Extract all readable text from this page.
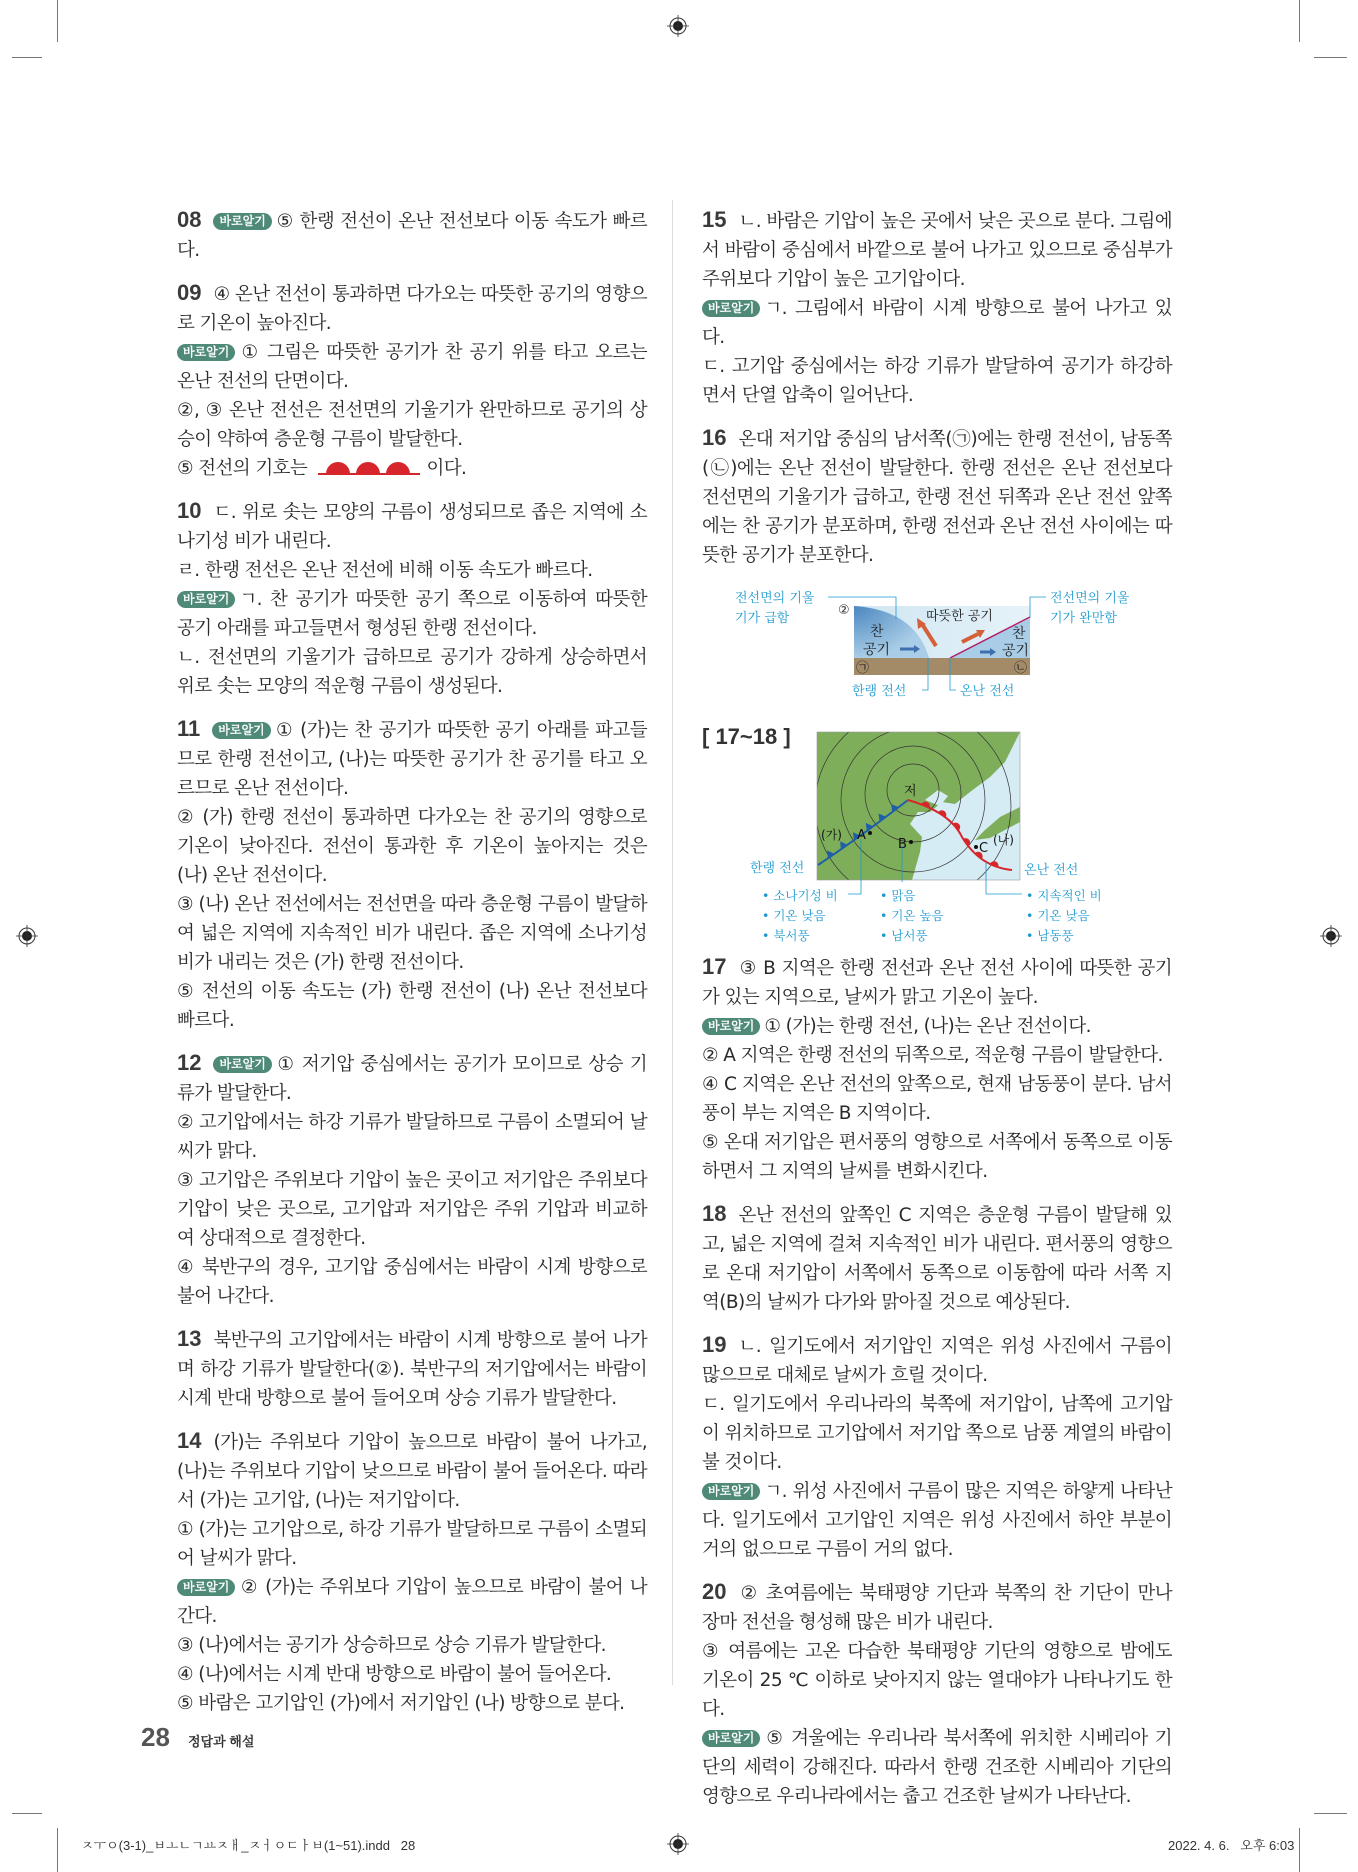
08 바로알기 ⑤ 한랭 전선이 온난 전선보다 이동 속도가 빠르다.

09 ④ 온난 전선이 통과하면 다가오는 따뜻한 공기의 영향으로 기온이 높아진다.

바로알기 ① 그림은 따뜻한 공기가 찬 공기 위를 타고 오르는 온난 전선의 단면이다.

②, ③ 온난 전선은 전선면의 기울기가 완만하므로 공기의 상승이 약하여 층운형 구름이 발달한다.

⑤ 전선의 기호는	이다.

10 ㄷ. 위로 솟는 모양의 구름이 생성되므로 좁은 지역에 소나기성 비가 내린다.

ㄹ. 한랭 전선은 온난 전선에 비해 이동 속도가 빠르다.

바로알기 ㄱ. 찬 공기가 따뜻한 공기 쪽으로 이동하여 따뜻한 공기 아래를 파고들면서 형성된 한랭 전선이다.

ㄴ. 전선면의 기울기가 급하므로 공기가 강하게 상승하면서 위로 솟는 모양의 적운형 구름이 생성된다.

11 바로알기 ① (가)는 찬 공기가 따뜻한 공기 아래를 파고들므로 한랭 전선이고, (나)는 따뜻한 공기가 찬 공기를 타고 오르므로 온난 전선이다.

② (가) 한랭 전선이 통과하면 다가오는 찬 공기의 영향으로 기온이 낮아진다. 전선이 통과한 후 기온이 높아지는 것은 (나) 온난 전선이다.

③ (나) 온난 전선에서는 전선면을 따라 층운형 구름이 발달하여 넓은 지역에 지속적인 비가 내린다. 좁은 지역에 소나기성 비가 내리는 것은 (가) 한랭 전선이다.

⑤ 전선의 이동 속도는 (가) 한랭 전선이 (나) 온난 전선보다 빠르다.

12 바로알기 ① 저기압 중심에서는 공기가 모이므로 상승 기류가 발달한다.

② 고기압에서는 하강 기류가 발달하므로 구름이 소멸되어 날씨가 맑다.

③ 고기압은 주위보다 기압이 높은 곳이고 저기압은 주위보다 기압이 낮은 곳으로, 고기압과 저기압은 주위 기압과 비교하여 상대적으로 결정한다.

④ 북반구의 경우, 고기압 중심에서는 바람이 시계 방향으로 불어 나간다.

13 북반구의 고기압에서는 바람이 시계 방향으로 불어 나가며 하강 기류가 발달한다(②). 북반구의 저기압에서는 바람이 시계 반대 방향으로 불어 들어오며 상승 기류가 발달한다.

14 (가)는 주위보다 기압이 높으므로 바람이 불어 나가고, (나)는 주위보다 기압이 낮으므로 바람이 불어 들어온다. 따라서 (가)는 고기압, (나)는 저기압이다.

① (가)는 고기압으로, 하강 기류가 발달하므로 구름이 소멸되어 날씨가 맑다.

바로알기 ② (가)는 주위보다 기압이 높으므로 바람이 불어 나간다.

③ (나)에서는 공기가 상승하므로 상승 기류가 발달한다.

④ (나)에서는 시계 반대 방향으로 바람이 불어 들어온다.

⑤ 바람은 고기압인 (가)에서 저기압인 (나) 방향으로 분다.

15 ㄴ. 바람은 기압이 높은 곳에서 낮은 곳으로 분다. 그림에서 바람이 중심에서 바깥으로 불어 나가고 있으므로 중심부가 주위보다 기압이 높은 고기압이다.

바로알기 ㄱ. 그림에서 바람이 시계 방향으로 불어 나가고 있다.

ㄷ. 고기압 중심에서는 하강 기류가 발달하여 공기가 하강하면서 단열 압축이 일어난다.

16 온대 저기압 중심의 남서쪽(㉠)에는 한랭 전선이, 남동쪽(㉡)에는 온난 전선이 발달한다. 한랭 전선은 온난 전선보다 전선면의 기울기가 급하고, 한랭 전선 뒤쪽과 온난 전선 앞쪽에는 찬 공기가 분포하며, 한랭 전선과 온난 전선 사이에는 따뜻한 공기가 분포한다.

전선면의 기울
기가 급함
전선면의 기울
기가 완만함
②	따뜻한 공기
찬
공기
찬
공기
㉠	㉡
한랭 전선	온난 전선
[ 17~18 ]
저
(가) A
B	C
(나)
한랭 전선	온난 전선
• 소나기성 비
• 기온 낮음
• 북서풍
• 맑음
• 기온 높음
• 남서풍
• 지속적인 비
• 기온 낮음
• 남동풍

17 ③ B 지역은 한랭 전선과 온난 전선 사이에 따뜻한 공기가 있는 지역으로, 날씨가 맑고 기온이 높다.

바로알기 ① (가)는 한랭 전선, (나)는 온난 전선이다.

② A 지역은 한랭 전선의 뒤쪽으로, 적운형 구름이 발달한다.

④ C 지역은 온난 전선의 앞쪽으로, 현재 남동풍이 분다. 남서풍이 부는 지역은 B 지역이다.

⑤ 온대 저기압은 편서풍의 영향으로 서쪽에서 동쪽으로 이동하면서 그 지역의 날씨를 변화시킨다.

18 온난 전선의 앞쪽인 C 지역은 층운형 구름이 발달해 있고, 넓은 지역에 걸쳐 지속적인 비가 내린다. 편서풍의 영향으로 온대 저기압이 서쪽에서 동쪽으로 이동함에 따라 서쪽 지역(B)의 날씨가 다가와 맑아질 것으로 예상된다.

19 ㄴ. 일기도에서 저기압인 지역은 위성 사진에서 구름이 많으므로 대체로 날씨가 흐릴 것이다.

ㄷ. 일기도에서 우리나라의 북쪽에 저기압이, 남쪽에 고기압이 위치하므로 고기압에서 저기압 쪽으로 남풍 계열의 바람이 불 것이다.

바로알기 ㄱ. 위성 사진에서 구름이 많은 지역은 하얗게 나타난다. 일기도에서 고기압인 지역은 위성 사진에서 하얀 부분이 거의 없으므로 구름이 거의 없다.

20 ② 초여름에는 북태평양 기단과 북쪽의 찬 기단이 만나 장마 전선을 형성해 많은 비가 내린다.

③ 여름에는 고온 다습한 북태평양 기단의 영향으로 밤에도 기온이 25 ℃ 이하로 낮아지지 않는 열대야가 나타나기도 한다.

바로알기 ⑤ 겨울에는 우리나라 북서쪽에 위치한 시베리아 기단의 세력이 강해진다. 따라서 한랭 건조한 시베리아 기단의 영향으로 우리나라에서는 춥고 건조한 날씨가 나타난다.

28 정답과 해설
ㅈㅜㅇ(3-1)_ㅂㅗㄴㄱㅛㅈㅐ_ㅈㅓㅇㄷㅏㅂ(1~51).indd   28	2022. 4. 6.   오후 6:03
